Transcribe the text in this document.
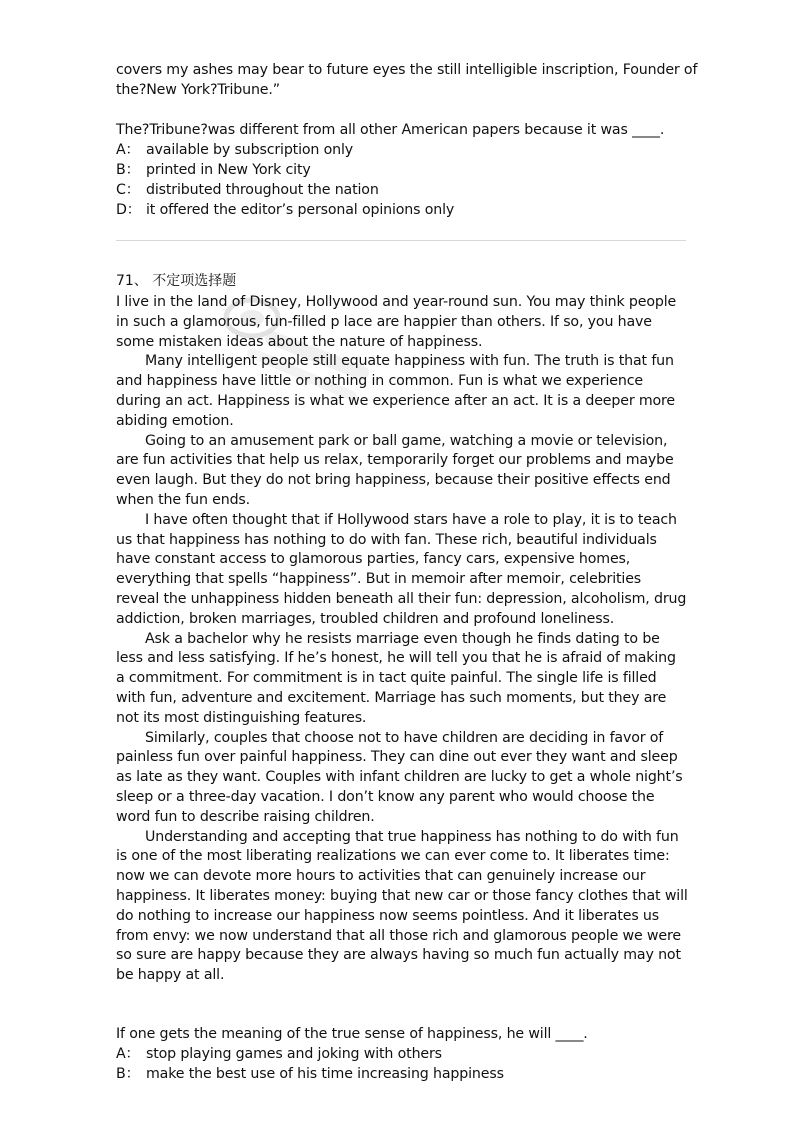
covers my ashes may bear to future eyes the still intelligible inscription, Founder of
the?New York?Tribune.”
The?Tribune?was different from all other American papers because it was ____.
A： available by subscription only
B： printed in New York city
C： distributed throughout the nation
D： it offered the editor’s personal opinions only
71、 不定项选择题

I live in the land of Disney, Hollywood and year-round sun. You may think people in such a glamorous, fun-filled p lace are happier than others. If so, you have some mistaken ideas about the nature of happiness.

Many intelligent people still equate happiness with fun. The truth is that fun and happiness have little or nothing in common. Fun is what we experience during an act. Happiness is what we experience after an act. It is a deeper more abiding emotion.

Going to an amusement park or ball game, watching a movie or television, are fun activities that help us relax, temporarily forget our problems and maybe even laugh. But they do not bring happiness, because their positive effects end when the fun ends.

I have often thought that if Hollywood stars have a role to play, it is to teach us that happiness has nothing to do with fan. These rich, beautiful individuals have constant access to glamorous parties, fancy cars, expensive homes, everything that spells “happiness”. But in memoir after memoir, celebrities reveal the unhappiness hidden beneath all their fun: depression, alcoholism, drug addiction, broken marriages, troubled children and profound loneliness.

Ask a bachelor why he resists marriage even though he finds dating to be less and less satisfying. If he’s honest, he will tell you that he is afraid of making a commitment. For commitment is in tact quite painful. The single life is filled with fun, adventure and excitement. Marriage has such moments, but they are not its most distinguishing features.

Similarly, couples that choose not to have children are deciding in favor of painless fun over painful happiness. They can dine out ever they want and sleep as late as they want. Couples with infant children are lucky to get a whole night’s sleep or a three-day vacation. I don’t know any parent who would choose the word fun to describe raising children.

Understanding and accepting that true happiness has nothing to do with fun is one of the most liberating realizations we can ever come to. It liberates time: now we can devote more hours to activities that can genuinely increase our happiness. It liberates money: buying that new car or those fancy clothes that will do nothing to increase our happiness now seems pointless. And it liberates us from envy: we now understand that all those rich and glamorous people we were so sure are happy because they are always having so much fun actually may not be happy at all.

If one gets the meaning of the true sense of happiness, he will ____.
A： stop playing games and joking with others
B： make the best use of his time increasing happiness
